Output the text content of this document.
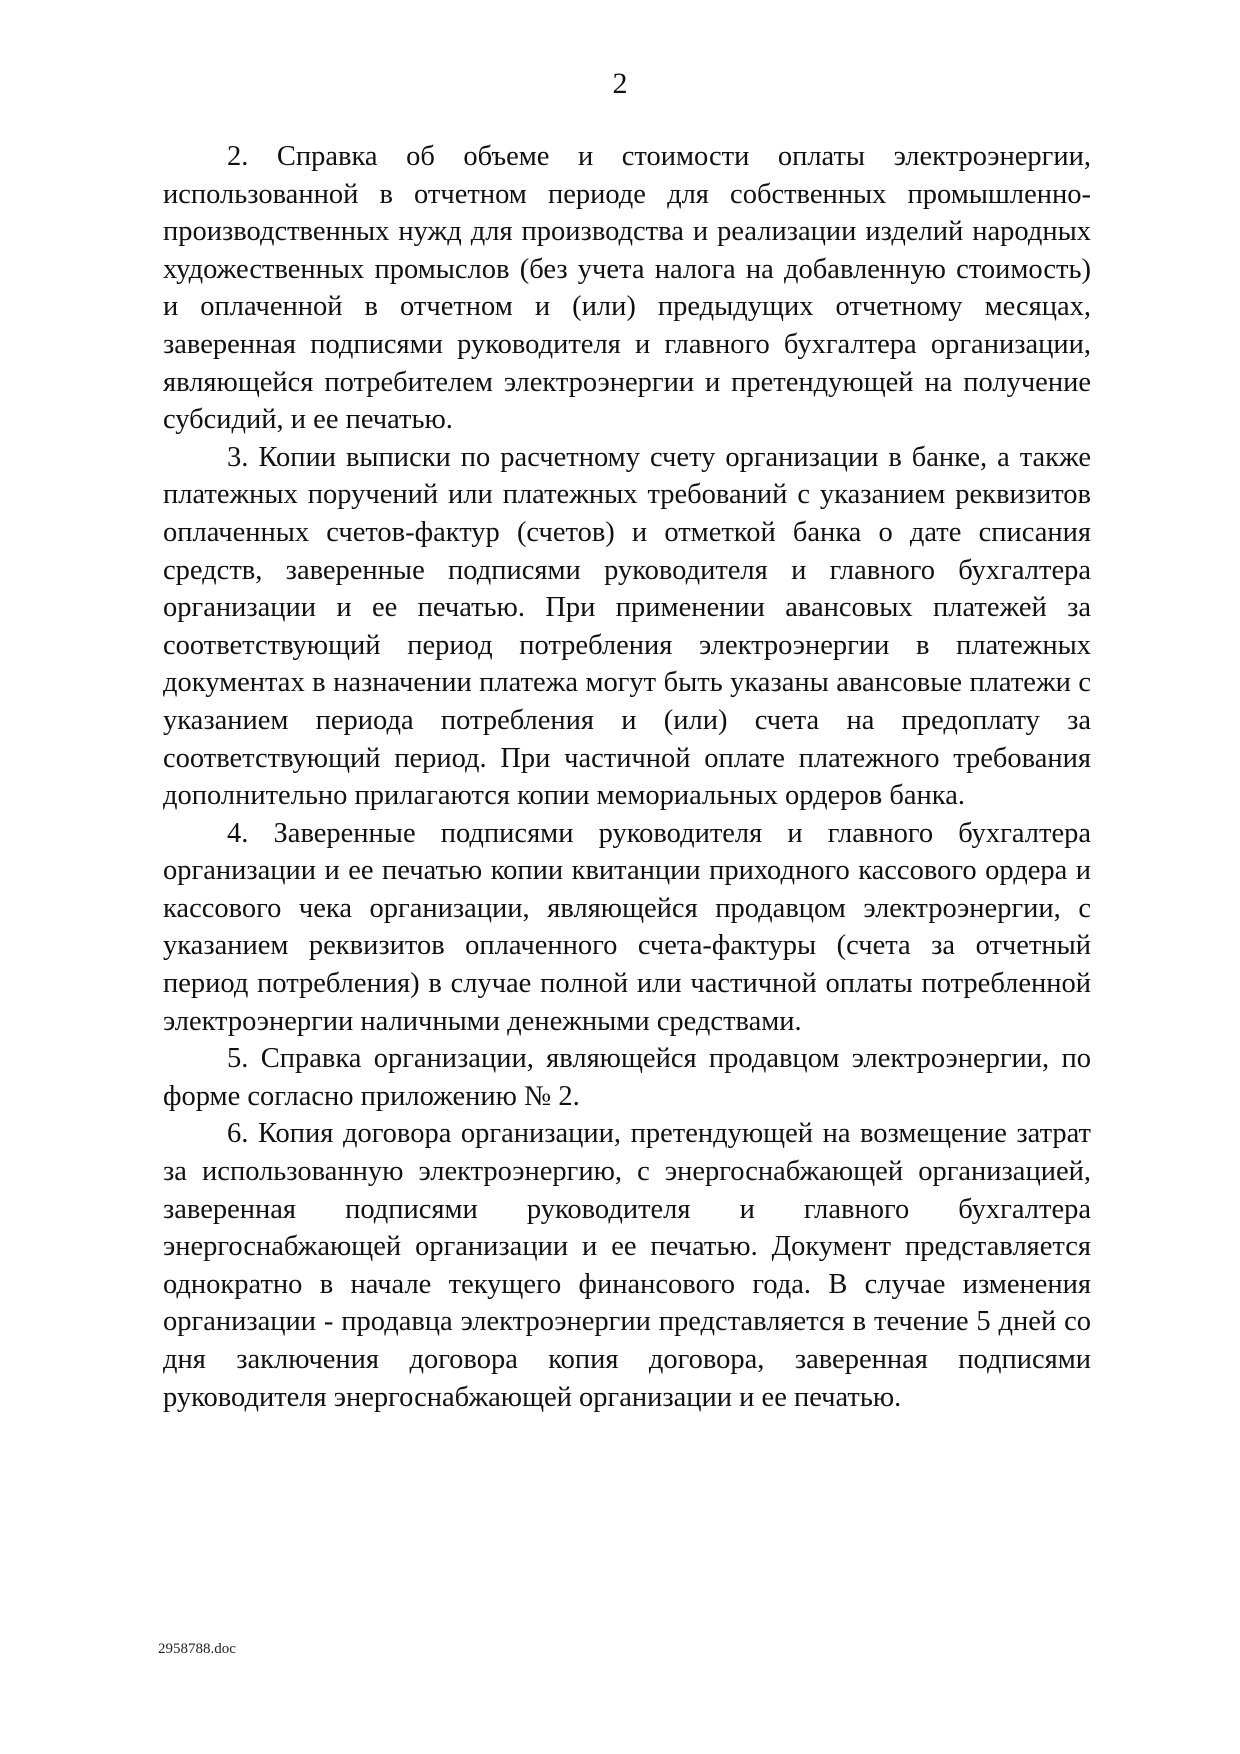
2

2. Справка об объеме и стоимости оплаты электроэнергии, использованной в отчетном периоде для собственных промышленно-производственных нужд для производства и реализации изделий народных художественных промыслов (без учета налога на добавленную стоимость) и оплаченной в отчетном и (или) предыдущих отчетному месяцах, заверенная подписями руководителя и главного бухгалтера организации, являющейся потребителем электроэнергии и претендующей на получение субсидий, и ее печатью.

3. Копии выписки по расчетному счету организации в банке, а также платежных поручений или платежных требований с указанием реквизитов оплаченных счетов-фактур (счетов) и отметкой банка о дате списания средств, заверенные подписями руководителя и главного бухгалтера организации и ее печатью. При применении авансовых платежей за соответствующий период потребления электроэнергии в платежных документах в назначении платежа могут быть указаны авансовые платежи с указанием периода потребления и (или) счета на предоплату за соответствующий период. При частичной оплате платежного требования дополнительно прилагаются копии мемориальных ордеров банка.

4. Заверенные подписями руководителя и главного бухгалтера организации и ее печатью копии квитанции приходного кассового ордера и кассового чека организации, являющейся продавцом электроэнергии, с указанием реквизитов оплаченного счета-фактуры (счета за отчетный период потребления) в случае полной или частичной оплаты потребленной электроэнергии наличными денежными средствами.

5. Справка организации, являющейся продавцом электроэнергии, по форме согласно приложению № 2.

6. Копия договора организации, претендующей на возмещение затрат за использованную электроэнергию, с энергоснабжающей организацией, заверенная подписями руководителя и главного бухгалтера энергоснабжающей организации и ее печатью. Документ представляется однократно в начале текущего финансового года. В случае изменения организации - продавца электроэнергии представляется в течение 5 дней со дня заключения договора копия договора, заверенная подписями руководителя энергоснабжающей организации и ее печатью.

2958788.doc
